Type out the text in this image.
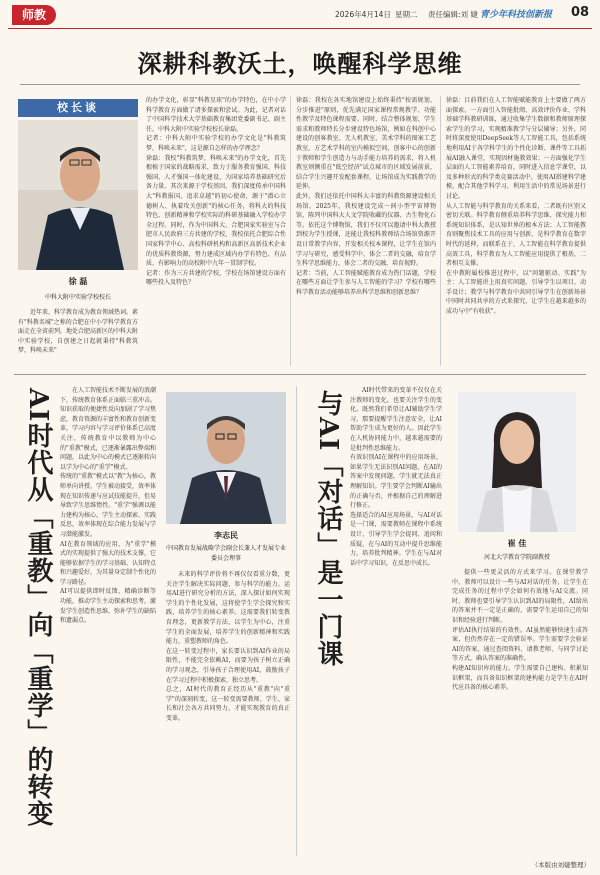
师教	2026年4月14日 星期二 责任编辑:刘 婕 青少年科技创新报 08
深耕科教沃土，唤醒科学思维
校长谈
徐 磊
中科大附中实验学校校长
近年来，科学教育成为教育领域热词。素有"科教名城"之称的合肥在中小学科学教育方面走在全省前列。地处合肥高新区的中科大附中实验学校，自创建之日起就秉持"科教筑梦，科唤未来"
的办学文化，彰显"科教星球"的办学特色，在中小学科学教育方面做了诸多探索和尝试。为此，记者对话了中国科学技术大学基础教育集团党委副书记、副主任，中科大附中实验学校校长徐磊。
记者：中科大附中实验学校的办学文化是"科教筑梦，科唤未来"，这是源自怎样的办学理念？
徐磊：我校"科教筑梦，科唤未来"的办学文化，首先根植于国家的战略需求，致力于服务教育强国、科技强国、人才强国一体化建设，为国家培养基础研究后备力量。其次来源于学校基因，我们深度传承中国科大"科教报国、追求卓越"的初心使命，源于"潜心立德树人、执着攻关创新"的核心任务，将科大的科技特色、创新精神和学校实际的科研基础融入学校办学全过程。同时，作为中国科大、合肥国家实验室与合肥市人民政府三方共建的学校，我校依托合肥综合性国家科学中心、高校科研机构和高新区高新技术企业的优质科教资源，努力建成区域内办学有特色、有品质、有影响力的高校附中九年一贯制学校。
记者：作为三方共建的学校，学校在场馆建设方面有哪些投入及特色？
徐磊：我校在各实地馆建设上始终秉持"按需规划、分步推进"原则，优先满足国家课程常规教学、功能性教学及特色课程需要。同时，结合整体规划、学生需求和教师特长分步建设特色场馆，例如在科创中心建设的创客教室、无人机教室、美术学科的图案工艺教室，方艺术学科的室内模拟空间，创客中心的创新于教师和学生创造力与动手能力培养的需求，将人机教室则侧重在"低空经济"试点城市的区域发展前景，结合学生兴趣开发配套课程，让场馆成为实践教学的延伸。
此外，我们还依托中国科大丰富的科教资源建设相关场馆。2025年，我校建设完成一间小型宇宙博物馆，陈列中国科大人文学院收藏的仪器、古生物化石等。依托这个博物馆，我们不仅可以邀请中科大教授到校为学生授课，还能让我校科教师结合场馆资源开设日常教学内容，开发相关校本课程，让学生在馆内学习与研究，感受科学中，体会二者的交融，培育学生科学思维能力，体会二者的交融，培育视野。
记者：当前，人工智能赋能教育成为热门话题，学校在哪些方面让学生参与人工智能的学习？学校有哪些科学教育活动能够培养出科学思维和创新思维？
徐磊：目前我们在人工智能赋能教育上主要做了两方面探索。一方面引入智能批阅、高效评价作业、学科基础学科教研训练，通过收集学生数据和教师原理探索学生的学习，实现精准教学与分层辅导；另外，同时将深度使用DeepSeek等人工智能工具，包括系统地利用AI于各学科学生的个性化诊断、课件等工具拓展AI融入课堂，实现因材施教效果；一方面强化学生层面的人工智能素养培育，同时进入信息学课堂，以及多种形式的科学类竞赛活动中，使用AI搭建科学建模，配合其他学科学习，利用生活中的常见场景进行讨论。
从人工智能与科学教育的关系来看，二者既有区别又密切关联。科学教育侧重培养科学思维、探究能力和系统知识体系，是认知世界的根本方法；人工智能教育则聚焦技术工具的应用与创新，是科学教育在数字时代的延伸，而联系在于，人工智能在科学教育提供高效工具，科学教育为人工智能应用提供了根基，二者相互支撑。
在中教附属校推进过程中，以"问题驱动、实践"为主：人工智能讲上用真实问题，引导学生以项目、动手设计；教学与科学教育中共同引导学生在创新场景中同时共同共享的方式来探究，让学生在越来越多的成功与中"有收获"。
AI时代从「重教」向「重学」的转变	在人工智能技术不断发展的浪潮下，传统教育体系正面临三重冲击。知识获取的便捷性反向加剧了学习焦虑，教育资源的丰富性和教育创新变革，学习内容与学习评价体系已高度关注，传统教育中以教师为中心的"重教"模式，已逐渐暴露出弊端和问题，以此为中心的模式已逐渐转向以学为中心的"重学"模式。
传统的"重教"模式以"教"为核心，教师单向讲授，学生被动接受，效率体现在知识传递与应试技能提升，但易导致学生思维惰性。"重学"强调以能力建构为核心，学生主动探索、实践反思，效率体现在综合能力发展与学习潜能激发。
AI在教育领域的应用，为"重学"模式的实现提供了强大的技术支撑，它能够依据学生的学习基础、认知特点和兴趣爱好，为其量身定制个性化的学习路径。
AI可以提供即时反馈、精确诊断等功能，推动学生主动探索和思考，激发学生创造性思维，弥补学生的缺陷和遗漏点。
李志民
中国教育发展战略学会副会长兼人才发展专业委员会理事
未来的科学评价将不再仅仅看重分数，更关注学生解决实际问题、参与科学的能力。运用AI进行研究分析的方法，深入探讨如何实现学生的个性化发展，这将使学生学会探究和实践，培养学生的核心素养。这需要我们转变教育理念，更新教学方法，以学生为中心，注重学生的全面发展，培养学生的创新精神和实践能力，重塑教师的角色。
在这一转变过程中，家长要认识到AI作业的局限性，不能完全依赖AI，而要为孩子树立正确的学习观念，引导孩子合理使用AI，鼓励孩子在学习过程中积极探索，独立思考。
总之，AI时代的教育正经历从"重教"向"重学"的深刻转变，这一转变需要教师、学生、家长和社会各方共同努力，才能实现教育的真正变革。
与AI「对话」是一门课	AI时代带来的变革不仅仅在关注教师的变化，也要关注学生的变化。既然我们希望让AI辅助学生学习，那要提醒学生注意安全，让AI帮助学生成为更好的人。因此学生在人机协同能力中，越来越需要的是批判性思维能力。
有效识别AI在课程中的应用场景，如果学生无法识别AI问题，在AI的答案中发现问题，学生就无法真正理解知识。学生要学会判断AI输出的正确与否，并根据自己的理解进行修正。
选择适合的AI应用场景，与AI对话是一门课，需要教师在课程中系统设计，引导学生学会提问、追问和质疑，在与AI的互动中提升思维能力，培养批判精神。学生在与AI对话中学习知识，在反思中成长。
崔 佳
河北大学教育学院副教授
提供一些更灵活的方式来学习。在课堂教学中，教师可以设计一些与AI对话的任务，让学生在完成任务的过程中学会如何有效地与AI交流。同时，教师也要引导学生认识到AI的局限性，AI给出的答案并不一定是正确的，需要学生运用自己的知识和经验进行判断。
评估AI执行结果的有效性。AI虽然能够快速生成答案，但仍然存在一定的错误率。学生需要学会验证AI的答案，通过查阅资料、请教老师、与同学讨论等方式，确认答案的准确性。
构建AI知识库的能力。学生需要自己建构、积累知识框架，而具备知识框架的建构能力是学生在AI时代应具备的核心素养。
（本版由刘婕整理）
